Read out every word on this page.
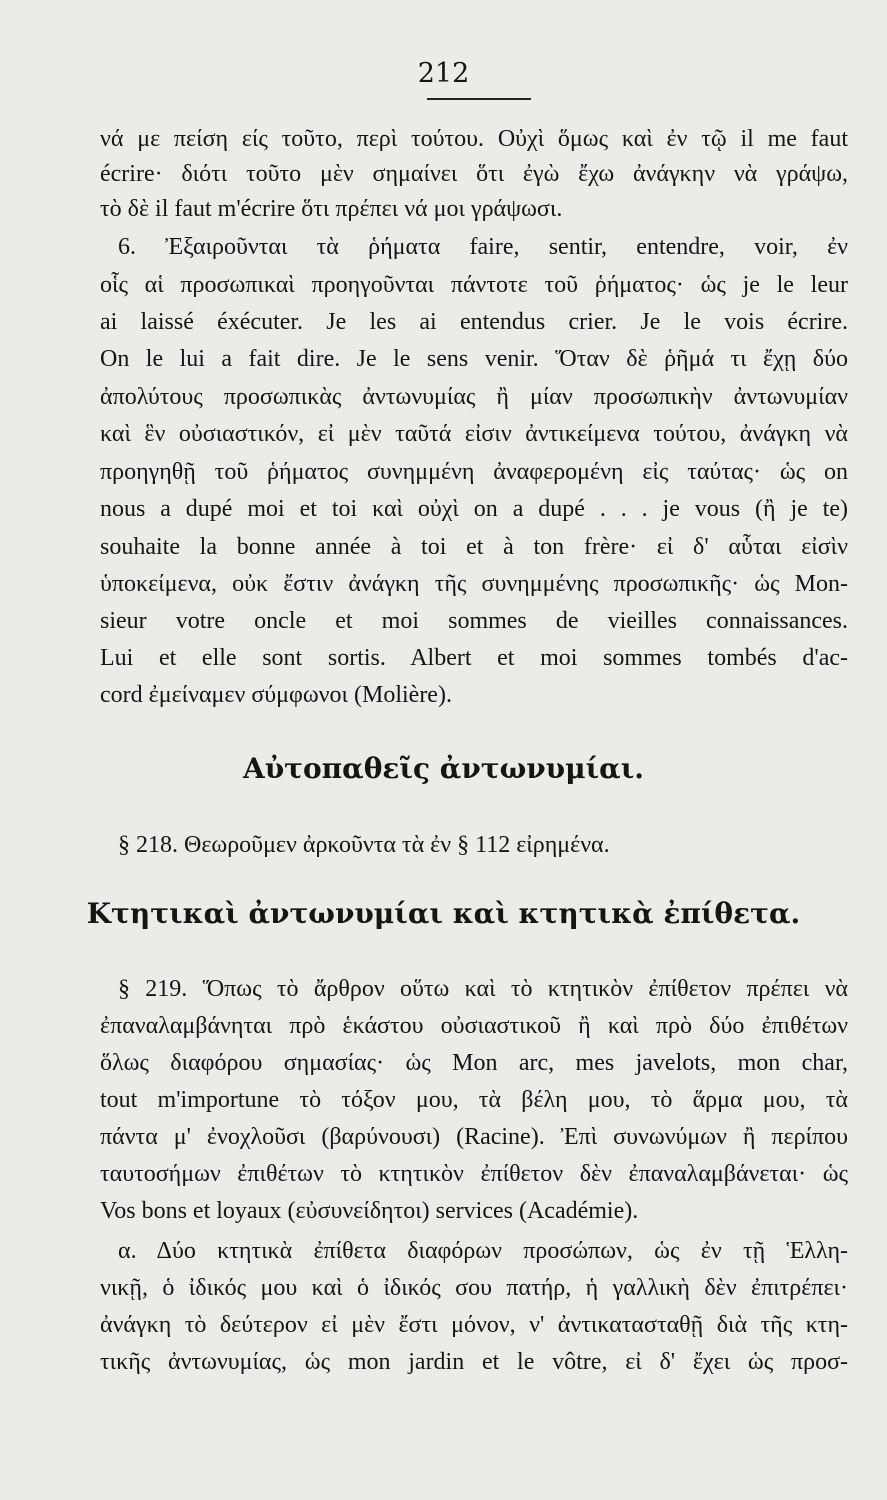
212
νά με πείση είς τοῦτο, περὶ τούτου. Οὐχὶ ὅμως καὶ ἐν τῷ il me faut
écrire· διότι τοῦτο μὲν σημαίνει ὅτι ἐγὼ ἔχω ἀνάγκην νὰ γράψω,
τὸ δὲ il faut m'écrire ὅτι πρέπει νά μοι γράψωσι.
6. Ἐξαιροῦνται τὰ ῥήματα faire, sentir, entendre, voir, ἐν
οἷς αἱ προσωπικαὶ προηγοῦνται πάντοτε τοῦ ῥήματος· ὡς je le leur
ai laissé éxécuter. Je les ai entendus crier. Je le vois écrire.
On le lui a fait dire. Je le sens venir. Ὅταν δὲ ῥῆμά τι ἔχῃ δύο
ἀπολύτους προσωπικὰς ἀντωνυμίας ἢ μίαν προσωπικὴν ἀντωνυμίαν
καὶ ἓν οὐσιαστικόν, εἰ μὲν ταῦτά εἰσιν ἀντικείμενα τούτου, ἀνάγκη νὰ
προηγηθῇ τοῦ ῥήματος συνημμένη ἀναφερομένη εἰς ταύτας· ὡς on
nous a dupé moi et toi καὶ οὐχὶ on a dupé . . . je vous (ἢ je te)
souhaite la bonne année à toi et à ton frère· εἰ δ' αὗται εἰσὶν
ὑποκείμενα, οὐκ ἔστιν ἀνάγκη τῆς συνημμένης προσωπικῆς· ὡς Mon-
sieur votre oncle et moi sommes de vieilles connaissances.
Lui et elle sont sortis. Albert et moi sommes tombés d'ac-
cord ἐμείναμεν σύμφωνοι (Molière).
Αὐτοπαθεῖς ἀντωνυμίαι.
§ 218. Θεωροῦμεν ἀρκοῦντα τὰ ἐν § 112 εἰρημένα.
Κτητικαὶ ἀντωνυμίαι καὶ κτητικὰ ἐπίθετα.
§ 219. Ὅπως τὸ ἄρθρον οὕτω καὶ τὸ κτητικὸν ἐπίθετον πρέπει νὰ
ἐπαναλαμβάνηται πρὸ ἑκάστου οὐσιαστικοῦ ἢ καὶ πρὸ δύο ἐπιθέτων
ὅλως διαφόρου σημασίας· ὡς Mon arc, mes javelots, mon char,
tout m'importune τὸ τόξον μου, τὰ βέλη μου, τὸ ἅρμα μου, τὰ
πάντα μ' ἐνοχλοῦσι (βαρύνουσι) (Racine). Ἐπὶ συνωνύμων ἢ περίπου
ταυτοσήμων ἐπιθέτων τὸ κτητικὸν ἐπίθετον δὲν ἐπαναλαμβάνεται· ὡς
Vos bons et loyaux (εὐσυνείδητοι) services (Académie).
α. Δύο κτητικὰ ἐπίθετα διαφόρων προσώπων, ὡς ἐν τῇ Ἑλλη-
νικῇ, ὁ ἰδικός μου καὶ ὁ ἰδικός σου πατήρ, ἡ γαλλικὴ δὲν ἐπιτρέπει·
ἀνάγκη τὸ δεύτερον εἰ μὲν ἔστι μόνον, ν' ἀντικατασταθῇ διὰ τῆς κτη-
τικῆς ἀντωνυμίας, ὡς mon jardin et le vôtre, εἰ δ' ἔχει ὡς προσ-
